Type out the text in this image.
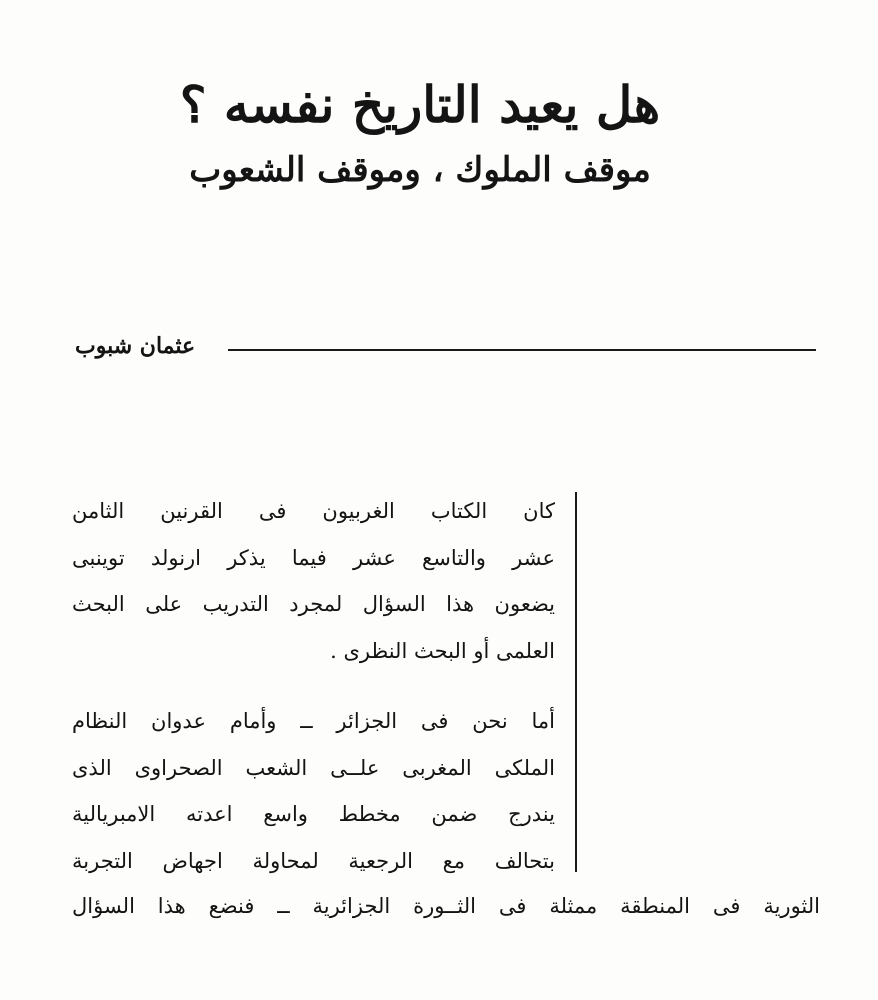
هل يعيد التاريخ نفسه ؟
موقف الملوك ، وموقف الشعوب
عثمان شبوب
كان الكتاب الغربيون فى القرنين الثامن
عشر والتاسع عشر فيما يذكر ارنولد توينبى
يضعون هذا السؤال لمجرد التدريب على البحث
العلمى أو البحث النظرى .
أما نحن فى الجزائر ــ وأمام عدوان النظام
الملكى المغربى علــى الشعب الصحراوى الذى
يندرج ضمن مخطط واسع اعدته الامبريالية
بتحالف مع الرجعية لمحاولة اجهاض التجربة
الثورية فى المنطقة ممثلة فى الثــورة الجزائرية ــ فنضع هذا السؤال
